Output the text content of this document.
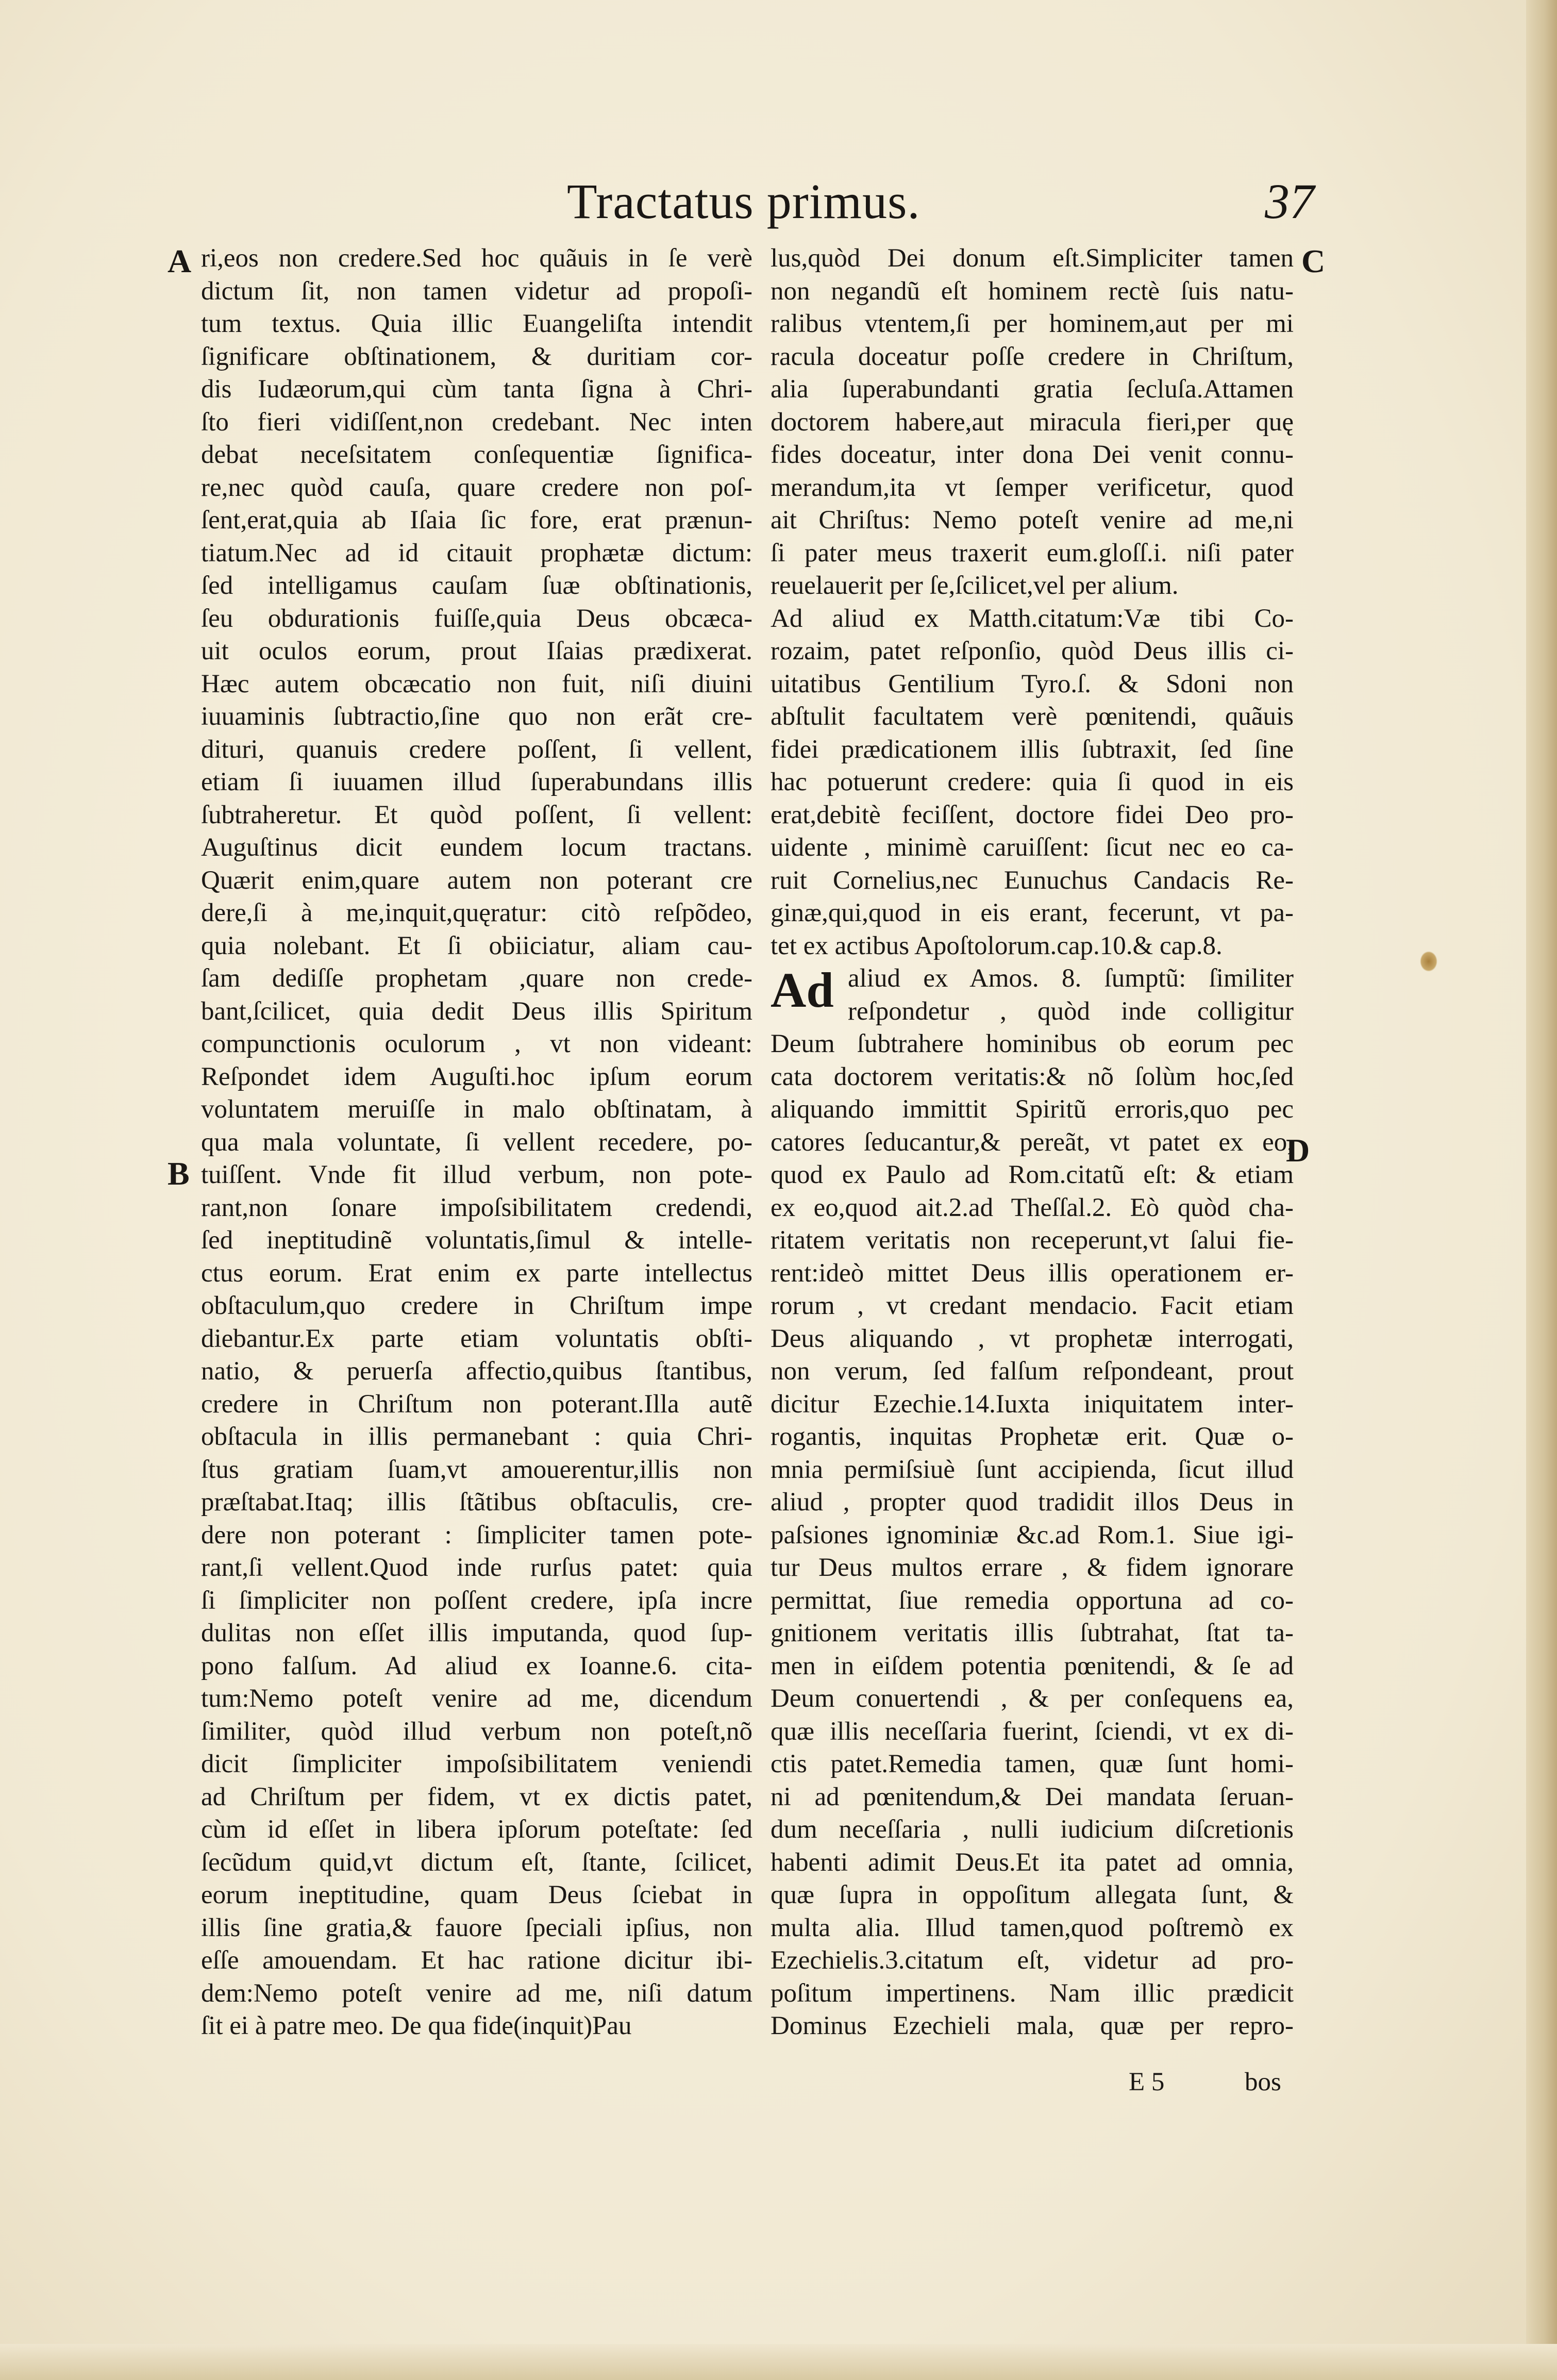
Tractatus primus.	37
A
B
C
D
ri,eos non credere.Sed hoc quãuis in ſe verè
dictum ſit, non tamen videtur ad propoſi-
tum textus. Quia illic Euangeliſta intendit
ſignificare obſtinationem, & duritiam cor-
dis Iudæorum,qui cùm tanta ſigna à Chri-
ſto fieri vidiſſent,non credebant. Nec inten
debat neceſsitatem conſequentiæ ſignifica-
re,nec quòd cauſa, quare credere non poſ-
ſent,erat,quia ab Iſaia ſic fore, erat prænun-
tiatum.Nec ad id citauit prophætæ dictum:
ſed intelligamus cauſam ſuæ obſtinationis,
ſeu obdurationis fuiſſe,quia Deus obcæca-
uit oculos eorum, prout Iſaias prædixerat.
Hæc autem obcæcatio non fuit, niſi diuini
iuuaminis ſubtractio,ſine quo non erãt cre-
dituri, quanuis credere poſſent, ſi vellent,
etiam ſi iuuamen illud ſuperabundans illis
ſubtraheretur. Et quòd poſſent, ſi vellent:
Auguſtinus dicit eundem locum tractans.
Quærit enim,quare autem non poterant cre
dere,ſi à me,inquit,quęratur: citò reſpõdeo,
quia nolebant. Et ſi obiiciatur, aliam cau-
ſam dediſſe prophetam ,quare non crede-
bant,ſcilicet, quia dedit Deus illis Spiritum
compunctionis oculorum , vt non videant:
Reſpondet idem Auguſti.hoc ipſum eorum
voluntatem meruiſſe in malo obſtinatam, à
qua mala voluntate, ſi vellent recedere, po-
tuiſſent. Vnde fit illud verbum, non pote-
rant,non ſonare impoſsibilitatem credendi,
ſed ineptitudinẽ voluntatis,ſimul & intelle-
ctus eorum. Erat enim ex parte intellectus
obſtaculum,quo credere in Chriſtum impe
diebantur.Ex parte etiam voluntatis obſti-
natio, & peruerſa affectio,quibus ſtantibus,
credere in Chriſtum non poterant.Illa autẽ
obſtacula in illis permanebant : quia Chri-
ſtus gratiam ſuam,vt amouerentur,illis non
præſtabat.Itaq; illis ſtãtibus obſtaculis, cre-
dere non poterant : ſimpliciter tamen pote-
rant,ſi vellent.Quod inde rurſus patet: quia
ſi ſimpliciter non poſſent credere, ipſa incre
dulitas non eſſet illis imputanda, quod ſup-
pono falſum. Ad aliud ex Ioanne.6. cita-
tum:Nemo poteſt venire ad me, dicendum
ſimiliter, quòd illud verbum non poteſt,nõ
dicit ſimpliciter impoſsibilitatem veniendi
ad Chriſtum per fidem, vt ex dictis patet,
cùm id eſſet in libera ipſorum poteſtate: ſed
ſecũdum quid,vt dictum eſt, ſtante, ſcilicet,
eorum ineptitudine, quam Deus ſciebat in
illis ſine gratia,& fauore ſpeciali ipſius, non
eſſe amouendam. Et hac ratione dicitur ibi-
dem:Nemo poteſt venire ad me, niſi datum
ſit ei à patre meo. De qua fide(inquit)Pau
lus,quòd Dei donum eſt.Simpliciter tamen
non negandũ eſt hominem rectè ſuis natu-
ralibus vtentem,ſi per hominem,aut per mi
racula doceatur poſſe credere in Chriſtum,
alia ſuperabundanti gratia ſecluſa.Attamen
doctorem habere,aut miracula fieri,per quę
fides doceatur, inter dona Dei venit connu-
merandum,ita vt ſemper verificetur, quod
ait Chriſtus: Nemo poteſt venire ad me,ni
ſi pater meus traxerit eum.gloſſ.i. niſi pater
reuelauerit per ſe,ſcilicet,vel per alium.
Ad aliud ex Matth.citatum:Væ tibi Co-
rozaim, patet reſponſio, quòd Deus illis ci-
uitatibus Gentilium Tyro.ſ. & Sdoni non
abſtulit facultatem verè pœnitendi, quãuis
fidei prædicationem illis ſubtraxit, ſed ſine
hac potuerunt credere: quia ſi quod in eis
erat,debitè feciſſent, doctore fidei Deo pro-
uidente , minimè caruiſſent: ſicut nec eo ca-
ruit Cornelius,nec Eunuchus Candacis Re-
ginæ,qui,quod in eis erant, fecerunt, vt pa-
tet ex actibus Apoſtolorum.cap.10.& cap.8.
Ad aliud ex Amos. 8. ſumptũ: ſimiliter
reſpondetur , quòd inde colligitur
Deum ſubtrahere hominibus ob eorum pec
cata doctorem veritatis:& nõ ſolùm hoc,ſed
aliquando immittit Spiritũ erroris,quo pec
catores ſeducantur,& pereãt, vt patet ex eo,
quod ex Paulo ad Rom.citatũ eſt: & etiam
ex eo,quod ait.2.ad Theſſal.2. Eò quòd cha-
ritatem veritatis non receperunt,vt ſalui fie-
rent:ideò mittet Deus illis operationem er-
rorum , vt credant mendacio. Facit etiam
Deus aliquando , vt prophetæ interrogati,
non verum, ſed falſum reſpondeant, prout
dicitur Ezechie.14.Iuxta iniquitatem inter-
rogantis, inquitas Prophetæ erit. Quæ o-
mnia permiſsiuè ſunt accipienda, ſicut illud
aliud , propter quod tradidit illos Deus in
paſsiones ignominiæ &c.ad Rom.1. Siue igi-
tur Deus multos errare , & fidem ignorare
permittat, ſiue remedia opportuna ad co-
gnitionem veritatis illis ſubtrahat, ſtat ta-
men in eiſdem potentia pœnitendi, & ſe ad
Deum conuertendi , & per conſequens ea,
quæ illis neceſſaria fuerint, ſciendi, vt ex di-
ctis patet.Remedia tamen, quæ ſunt homi-
ni ad pœnitendum,& Dei mandata ſeruan-
dum neceſſaria , nulli iudicium diſcretionis
habenti adimit Deus.Et ita patet ad omnia,
quæ ſupra in oppoſitum allegata ſunt, &
multa alia. Illud tamen,quod poſtremò ex
Ezechielis.3.citatum eſt, videtur ad pro-
poſitum impertinens. Nam illic prædicit
Dominus Ezechieli mala, quæ per repro-
E 5	bos
